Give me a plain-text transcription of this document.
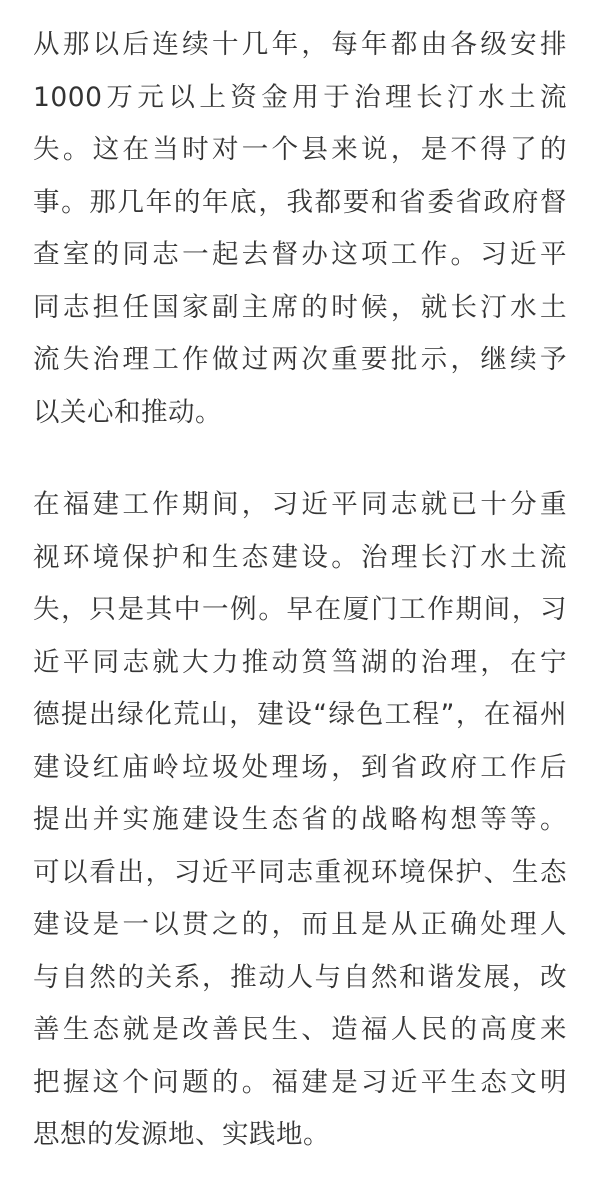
从那以后连续十几年，每年都由各级安排
1000万元以上资金用于治理长汀水土流
失。这在当时对一个县来说，是不得了的
事。那几年的年底，我都要和省委省政府督
查室的同志一起去督办这项工作。习近平
同志担任国家副主席的时候，就长汀水土
流失治理工作做过两次重要批示，继续予
以关心和推动。
在福建工作期间，习近平同志就已十分重
视环境保护和生态建设。治理长汀水土流
失，只是其中一例。早在厦门工作期间，习
近平同志就大力推动筼筜湖的治理，在宁
德提出绿化荒山，建设“绿色工程”，在福州
建设红庙岭垃圾处理场，到省政府工作后
提出并实施建设生态省的战略构想等等。
可以看出，习近平同志重视环境保护、生态
建设是一以贯之的，而且是从正确处理人
与自然的关系，推动人与自然和谐发展，改
善生态就是改善民生、造福人民的高度来
把握这个问题的。福建是习近平生态文明
思想的发源地、实践地。
